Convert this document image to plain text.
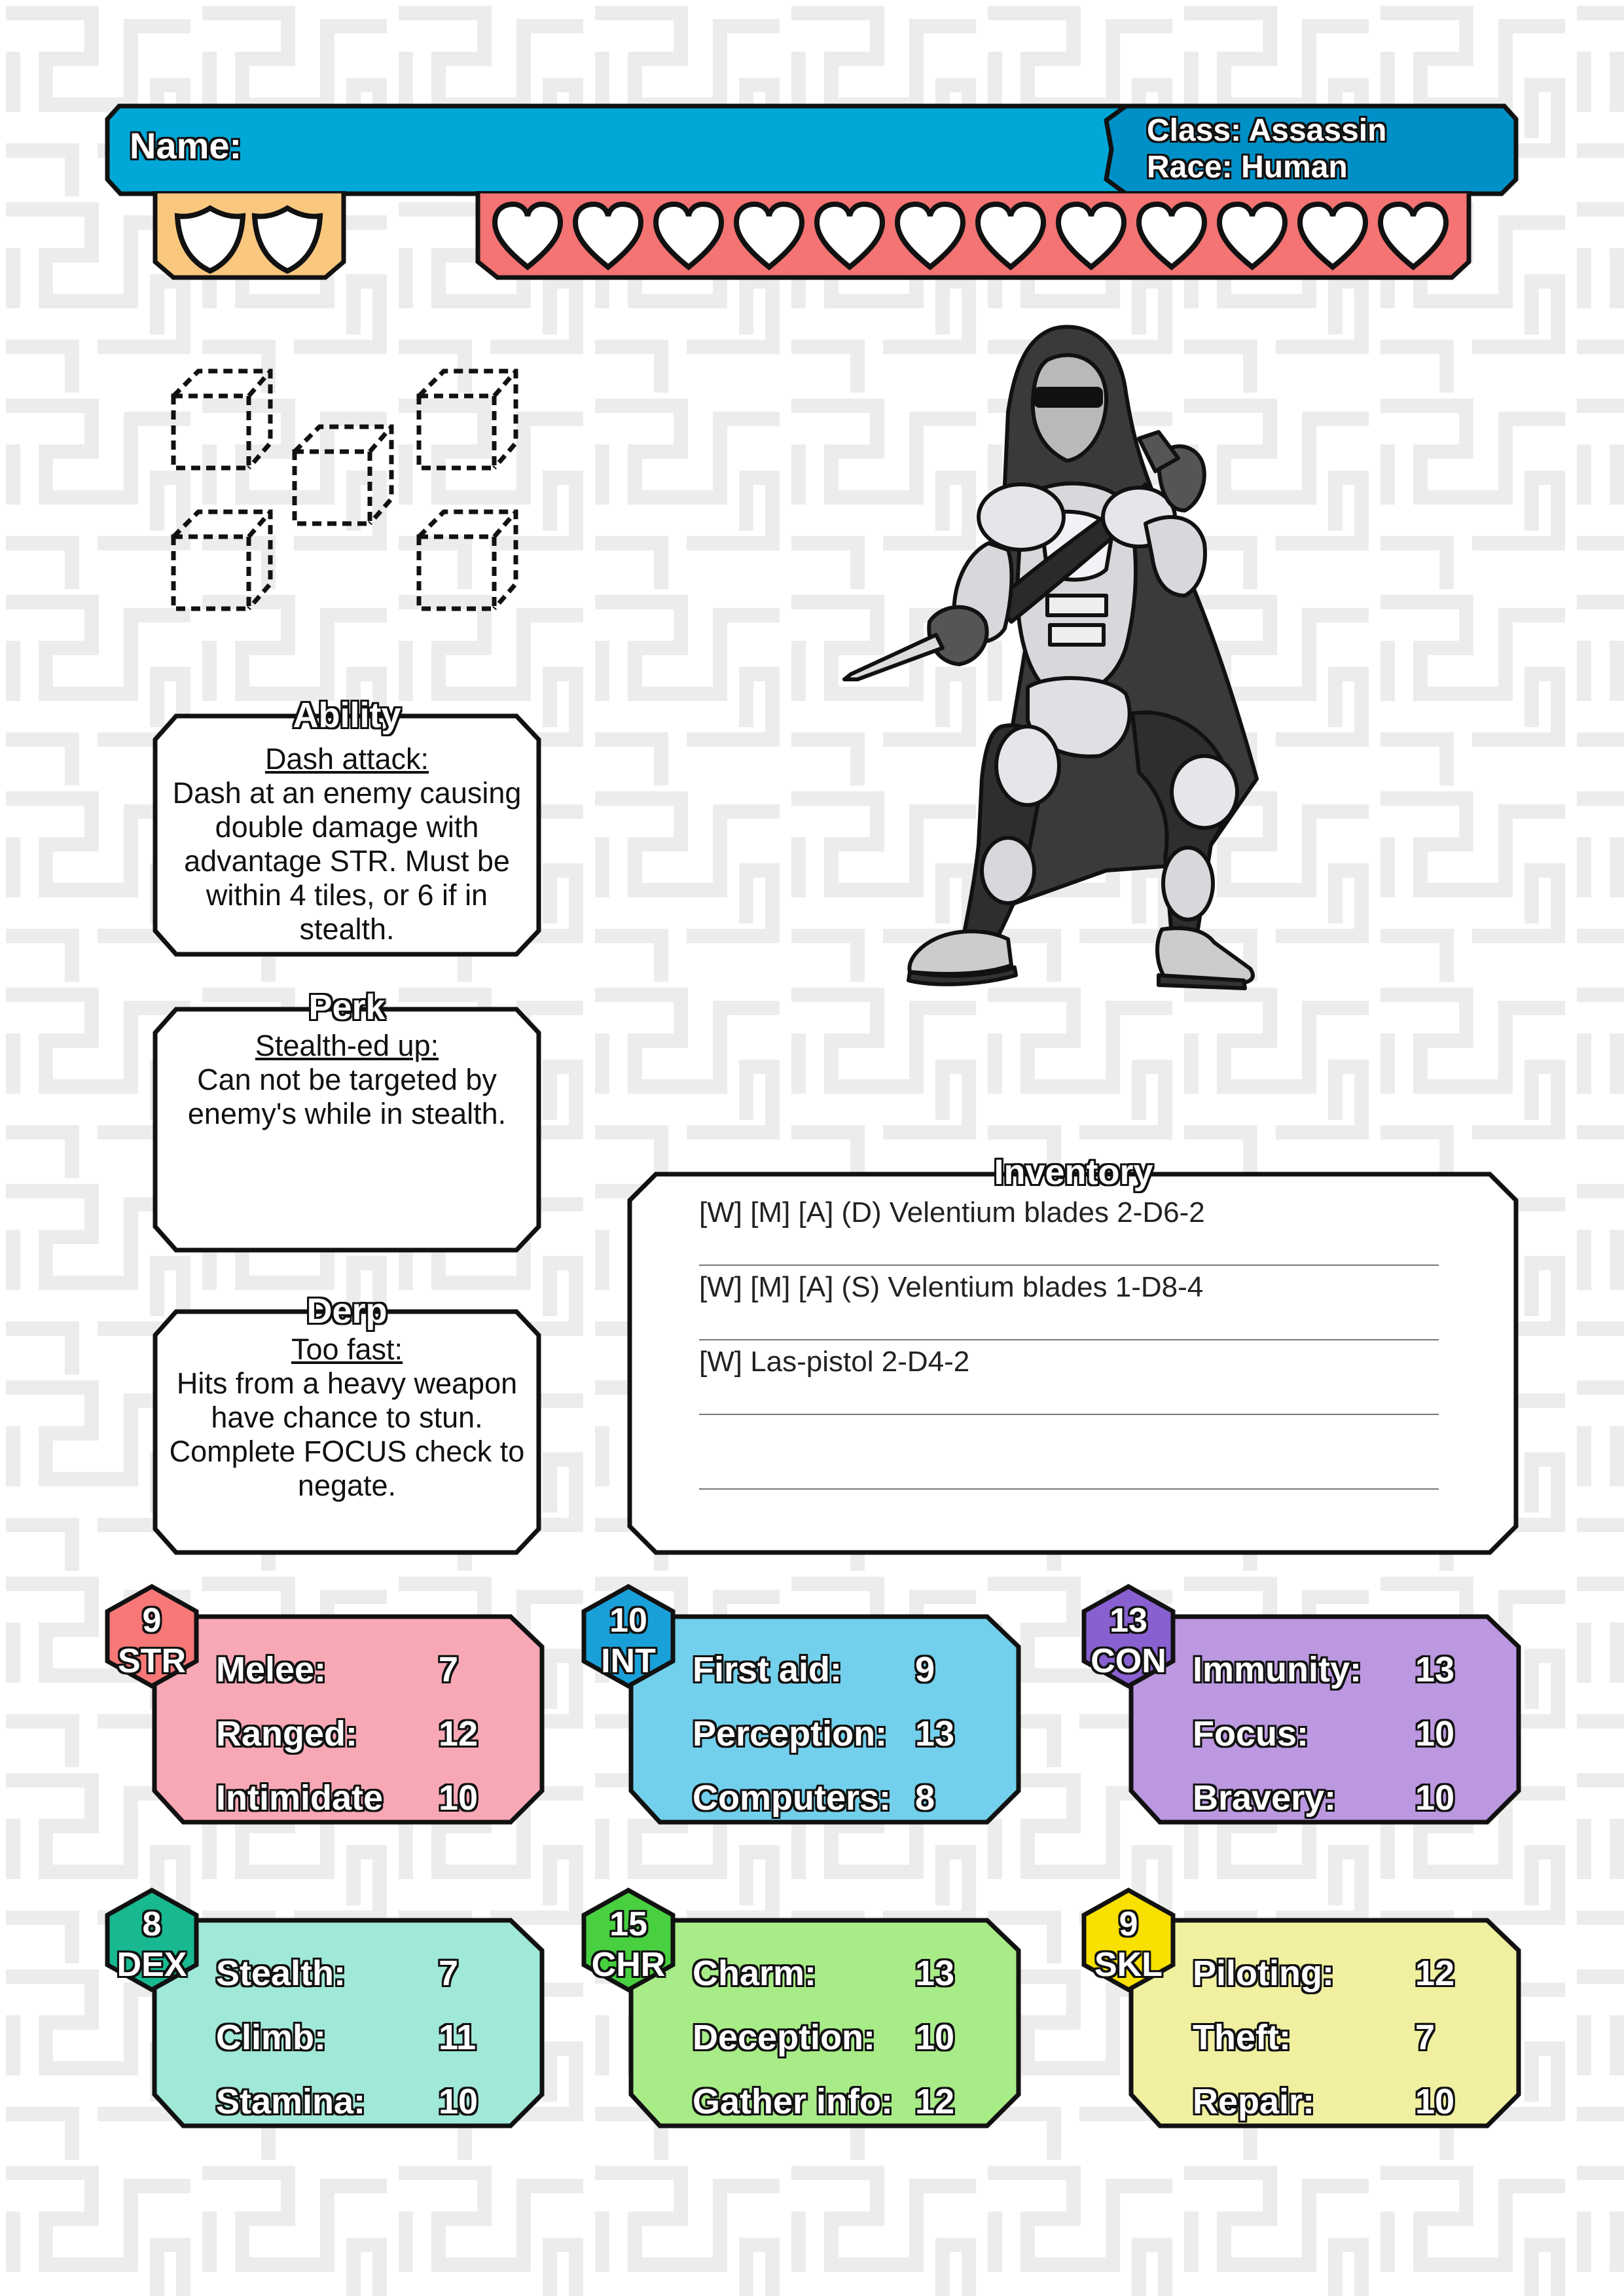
Name:	Class: Assassin
Race: Human
Ability
Dash attack:
Dash at an enemy causing double damage with advantage STR. Must be within 4 tiles, or 6 if in stealth.
Perk
Stealth-ed up:
Can not be targeted by enemy's while in stealth.
Derp
Too fast:
Hits from a heavy weapon have chance to stun. Complete FOCUS check to negate.
Inventory
[W] [M] [A] (D) Velentium blades 2-D6-2
[W] [M] [A] (S) Velentium blades 1-D8-4
[W] Las-pistol 2-D4-2
9
STR Melee:	7
Ranged: 12
Intimidate 10
10
INT	First aid: 9
Perception: 13
Computers: 8
13
CON Immunity: 13
Focus:	10
Bravery: 10
8
DEX Stealth:	7
Climb:	11
Stamina: 10
15
CHR Charm:	13
Deception: 10
Gather info: 12
9
SKL Piloting: 12
Theft:	7
Repair:	10
